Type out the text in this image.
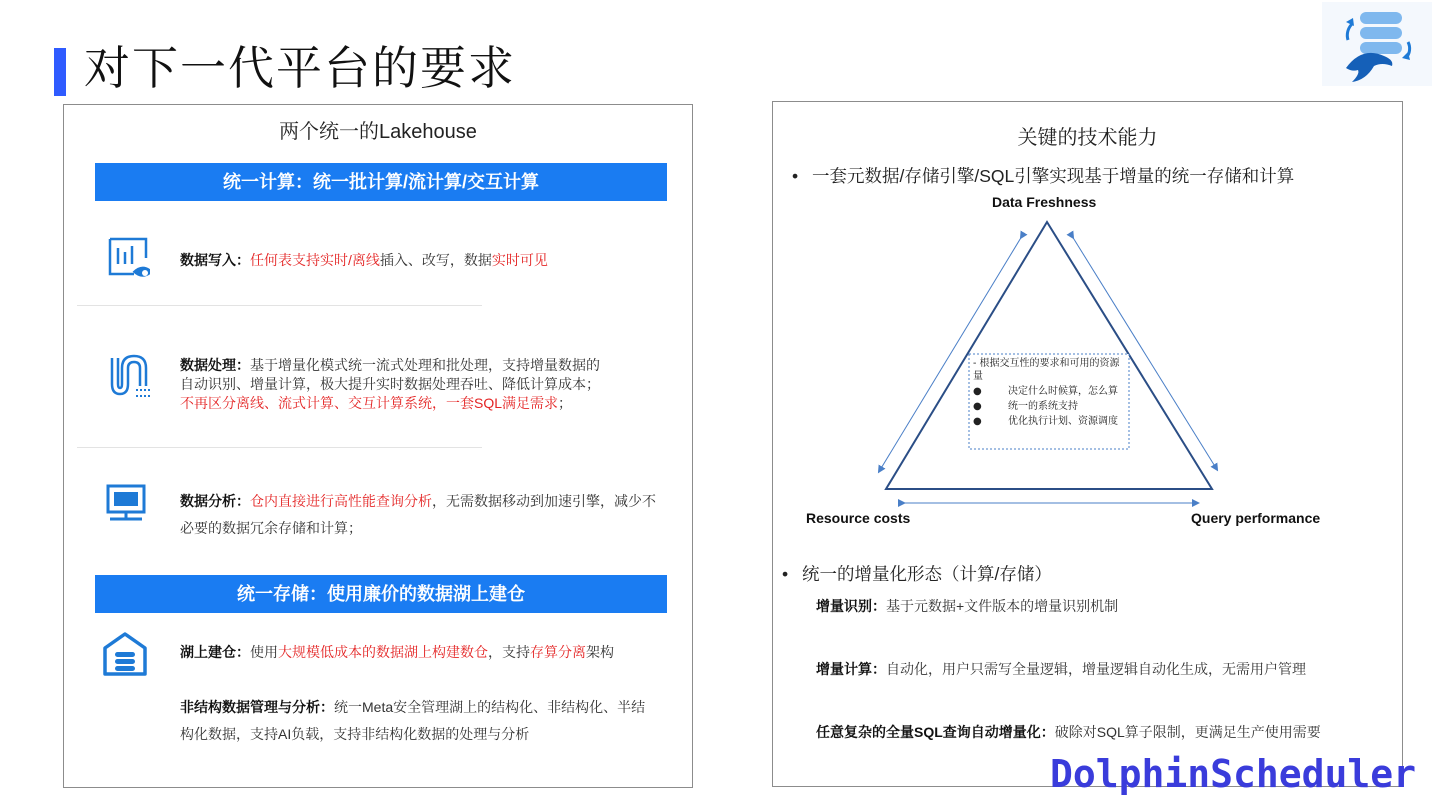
对下一代平台的要求
两个统一的Lakehouse
统一计算：统一批计算/流计算/交互计算
数据写入：任何表支持实时/离线插入、改写，数据实时可见
数据处理：基于增量化模式统一流式处理和批处理，支持增量数据的自动识别、增量计算，极大提升实时数据处理吞吐、降低计算成本；不再区分离线、流式计算、交互计算系统，一套SQL满足需求；
数据分析：仓内直接进行高性能查询分析，无需数据移动到加速引擎，减少不必要的数据冗余存储和计算；
统一存储：使用廉价的数据湖上建仓
湖上建仓：使用大规模低成本的数据湖上构建数仓，支持存算分离架构
非结构数据管理与分析：统一Meta安全管理湖上的结构化、非结构化、半结构化数据，支持AI负载，支持非结构化数据的处理与分析
关键的技术能力
• 一套元数据/存储引擎/SQL引擎实现基于增量的统一存储和计算
Data Freshness
Resource costs	Query performance
- 根据交互性的要求和可用的资源量
●	决定什么时候算，怎么算
●	统一的系统支持
●	优化执行计划、资源调度
• 统一的增量化形态（计算/存储）
增量识别：基于元数据+文件版本的增量识别机制
增量计算：自动化，用户只需写全量逻辑，增量逻辑自动化生成，无需用户管理
任意复杂的全量SQL查询自动增量化：破除对SQL算子限制，更满足生产使用需要
DolphinScheduler
